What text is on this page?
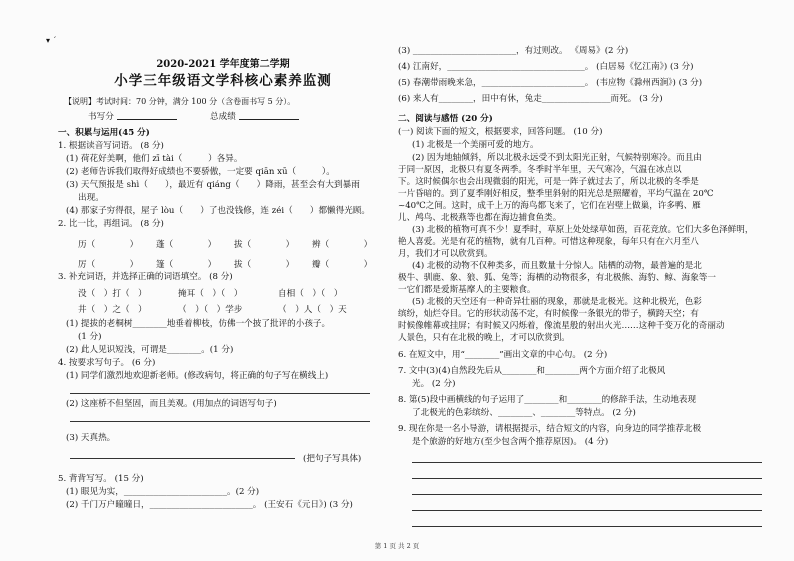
▾ ˊ
2020-2021 学年度第二学期
小学三年级语文学科核心素养监测
【说明】考试时间：70 分钟，满分 100 分（含卷面书写 5 分）。
书写分	总成绩
一、积累与运用(45 分)
1. 根据读音写词语。 (8 分)
(1) 荷花好美啊，他们 zī tài（　　　）各异。
(2) 老师告诉我们取得好成绩也不要骄傲，一定要 qiān xū（　　　）。
(3) 天气预报是 shì（　　），最近有 qiáng（　　）降雨，甚至会有大到暴雨
出现。
(4) 那家子穷得很，屋子 lòu（　　）了也没钱修，连 zéi（　　）都懒得光顾。
2. 比一比，再组词。 (8 分)
历（　　　　） 蓬（　　　　） 拔（　　　　） 辨（　　　　）
厉（　　　　） 篷（　　　　） 拔（　　　　） 瓣（　　　　）
3. 补充词语，并选择正确的词语填空。 (8 分)
没（　）打（　）	掩耳（　）（　）	自相（　）（　）
井（　）之（　）	（　）（　）学步	（　）人（　）天
(1) 提拔的老桐树________地垂着柳枝，仿佛一个披了批评的小孩子。
(1 分)
(2) 此人见识短浅，可谓是________。(1 分)
4. 按要求写句子。 (6 分)
(1) 同学们激烈地欢迎新老师。(修改病句，将正确的句子写在横线上)
(2) 这座桥不但坚固，而且美观。(用加点的词语写句子)
(3) 天真热。
(把句子写具体)
5. 背背写写。 (15 分)
(1) 眼见为实，________________________。(2 分)
(2) 千门万户曈曈日，________________________。 (王安石《元日》) (3 分)
(3) ________________________，有过则改。 《周易》(2 分)
(4) 江南好，________________________________。 (白居易《忆江南》) (3 分)
(5) 春潮带雨晚来急，________________________。 (韦应物《滁州西涧》) (3 分)
(6) 来人有________，田中有休，兔走________________而死。 (3 分)
二、阅读与感悟 (20 分)
(一) 阅读下面的短文，根据要求，回答问题。 (10 分)
(1) 北极是一个美丽可爱的地方。
(2) 因为地轴倾斜，所以北极永远受不到太阳光正射，气候特别寒冷。而且由
于同一原因，北极只有夏冬两季。冬季时半年里，天气寒冷，气温在冰点以
下。这时候偶尔也会出现微弱的阳光，可是一阵子就过去了，所以北极的冬季是
一片昏暗的。到了夏季刚好相反，整季里斜射的阳光总是照耀着，平均气温在 20℃
~40℃之间。这时，成千上万的海鸟都飞来了，它们在岩壁上做巢，许多鸭、雁
儿、鸬鸟、北极燕等也都在海边捕食鱼类。
(3) 北极的植物可真不少！夏季时，草原上处处绿草如茵，百花竞放。它们大多色泽鲜明，
艳人喜爱。光是有花的植物，就有几百种。可惜这种现象，每年只有在六月至八
月，我们才可以欣赏到。
(4) 北极的动物不仅种类多，而且数量十分惊人。陆栖的动物，最普遍的是北
极牛、驯鹿、象、狼、狐、兔等；海栖的动物很多，有北极熊、海豹、鲸、海象等一
一它们都是爱斯基摩人的主要粮食。
(5) 北极的天空还有一种奇异壮丽的现象，那就是北极光。这种北极光，色彩
缤纷，灿烂夺目。它的形状动荡不定，有时候像一条银光的带子，横跨天空；有
时候像帷幕或挂屏；有时候又闪烁着，像流星般的射出火光……这种千变万化的奇丽动
人景色，只有在北极的晚上，才可以欣赏到。
6. 在短文中，用“________”画出文章的中心句。 (2 分)
7. 文中(3)(4)自然段先后从________和________两个方面介绍了北极风
光。 (2 分)
8. 第(5)段中画横线的句子运用了________和________的修辞手法，生动地表现
了北极光的色彩缤纷、________、________等特点。 (2 分)
9. 现在你是一名小导游，请根据提示，结合短文的内容，向身边的同学推荐北极
是个旅游的好地方(至少包含两个推荐原因)。 (4 分)
第 1 页 共 2 页
